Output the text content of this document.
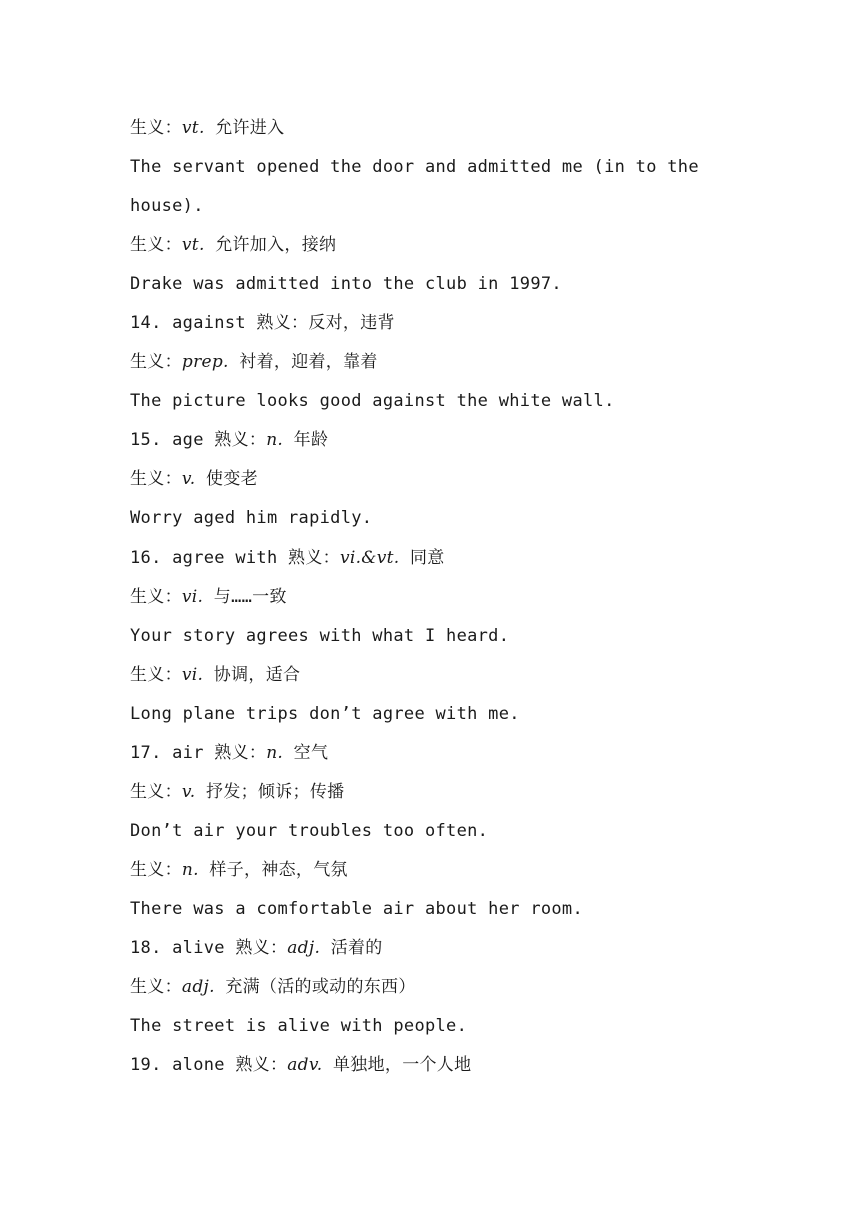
生义：vt. 允许进入
The servant opened the door and admitted me (in to the
house).
生义：vt. 允许加入，接纳
Drake was admitted into the club in 1997.
14. against 熟义：反对，违背
生义：prep. 衬着，迎着，靠着
The picture looks good against the white wall.
15. age 熟义：n. 年龄
生义：v. 使变老
Worry aged him rapidly.
16. agree with 熟义：vi.&vt. 同意
生义：vi. 与……一致
Your story agrees with what I heard.
生义：vi. 协调，适合
Long plane trips don’t agree with me.
17. air 熟义：n. 空气
生义：v. 抒发；倾诉；传播
Don’t air your troubles too often.
生义：n. 样子，神态，气氛
There was a comfortable air about her room.
18. alive 熟义：adj. 活着的
生义：adj. 充满（活的或动的东西）
The street is alive with people.
19. alone 熟义：adv. 单独地，一个人地
